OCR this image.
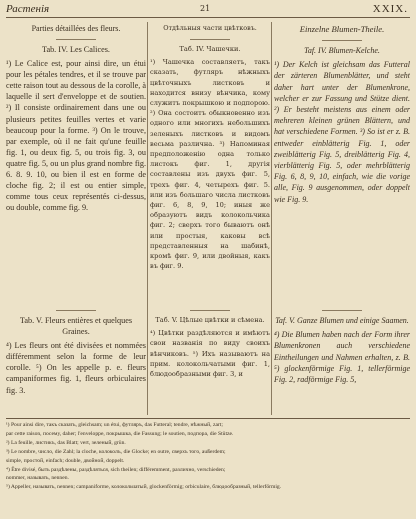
Растенія	21	XXIX.
Parties détaillées des fleurs.
Tab. IV. Les Calices.

¹) Le Calice est, pour ainsi dire, un étui pour les pétales tendres, et il se trouve par cette raison tout au dessous de la corolle, à laquelle il sert d'enveloppe et de soutien. ²) Il consiste ordinairement dans une ou plusieurs petites feuilles vertes et varie beaucoup pour la forme. ³) On le trouve, par exemple, où il ne fait qu'une feuille fig. 1, ou deux fig. 5, ou trois fig. 3, ou quatre fig. 5, ou un plus grand nombre fig. 6. 8. 9. 10, ou bien il est en forme de cloche fig. 2; il est ou entier simple, comme tous ceux représentés ci-dessus, ou double, comme fig. 9.

Tab. V. Fleurs entières et quelques Graines.

⁴) Les fleurs ont été divisées et nommées différemment selon la forme de leur corolle. ⁵) On les appelle p. e. fleurs campaniformes fig. 1, fleurs orbiculaires fig. 3.

Отдѣльныя части цвѣтковъ.
Таб. IV. Чашечки.

¹) Чашечка составляетъ, такъ сказать, футляръ нѣжныхъ цвѣточныхъ листковъ и находится внизу вѣнчика, кому служитъ покрышкою и подпорою. ²) Она состоитъ обыкновенно изъ одного или многихъ небольшихъ зеленыхъ листковъ и видомъ весьма различна. ³) Напоминая предположенію одна только листокъ фиг. 1, другія составлены изъ двухъ фиг. 5, трехъ фиг. 4, четырехъ фиг. 5. или изъ большаго числа листковъ фиг. 6, 8, 9, 10; иныя же образуютъ видъ колокольчика фиг. 2; сверхъ того бываютъ онѣ или простыя, каковы всѣ представленныя на шабинѣ, кромѣ фиг. 9, или двойныя, какъ въ фиг. 9.

Таб. V. Цѣлые цвѣтки и сѣмена.

⁴) Цвѣтки раздѣляются и имѣютъ свои названія по виду своихъ вѣнчиковъ. ⁵) Ихъ называютъ на прим. колокольчатыми фиг. 1, блюдообразными фиг. 3, и

Einzelne Blumen-Theile.
Taf. IV. Blumen-Kelche.

¹) Der Kelch ist gleichsam das Futteral der zärteren Blumenblätter, und steht daher hart unter der Blumenkrone, welcher er zur Fassung und Stütze dient. ²) Er besteht meistens aus einem oder mehreren kleinen grünen Blättern, und hat verschiedene Formen. ³) So ist er z. B. entweder einblätterig Fig. 1, oder zweiblätterig Fig. 5, dreiblätterig Fig. 4, vierblätterig Fig. 5, oder mehrblätterig Fig. 6, 8, 9, 10, einfach, wie die vorige alle, Fig. 9 ausgenommen, oder doppelt wie Fig. 9.

Taf. V. Ganze Blumen und einige Saamen.

⁴) Die Blumen haben nach der Form ihrer Blumenkronen auch verschiedene Eintheilungen und Nahmen erhalten, z. B. ⁵) glockenförmige Fig. 1, tellerförmige Fig. 2, radförmige Fig. 5,

¹) Pour ainsi dire, такъ сказать, gleichsam; un étui, футляръ, das Futteral; tendre, нѣжный, zart;
par cette raison, посему, daher; l'enveloppe, покрышка, die Fassung; le soutien, подпора, die Stütze.
²) La feuille, листикъ, das Blatt; vert, зеленый, grün.
³) Le nombre, число, die Zahl; la cloche, колоколъ, die Glocke; en outre, сверхъ того, außerdem;
simple, простой, einfach; double, двойной, doppelt.
⁴) Être divisé, быть раздѣлены, раздѣляться, sich theilen; différemment, различно, verschieden;
nommer, называть, nennen.
⁵) Appeller, называть, nennen; campaniforme, колокольчатый, glockenförmig; orbiculaire, блюдообразный, tellerförmig.
